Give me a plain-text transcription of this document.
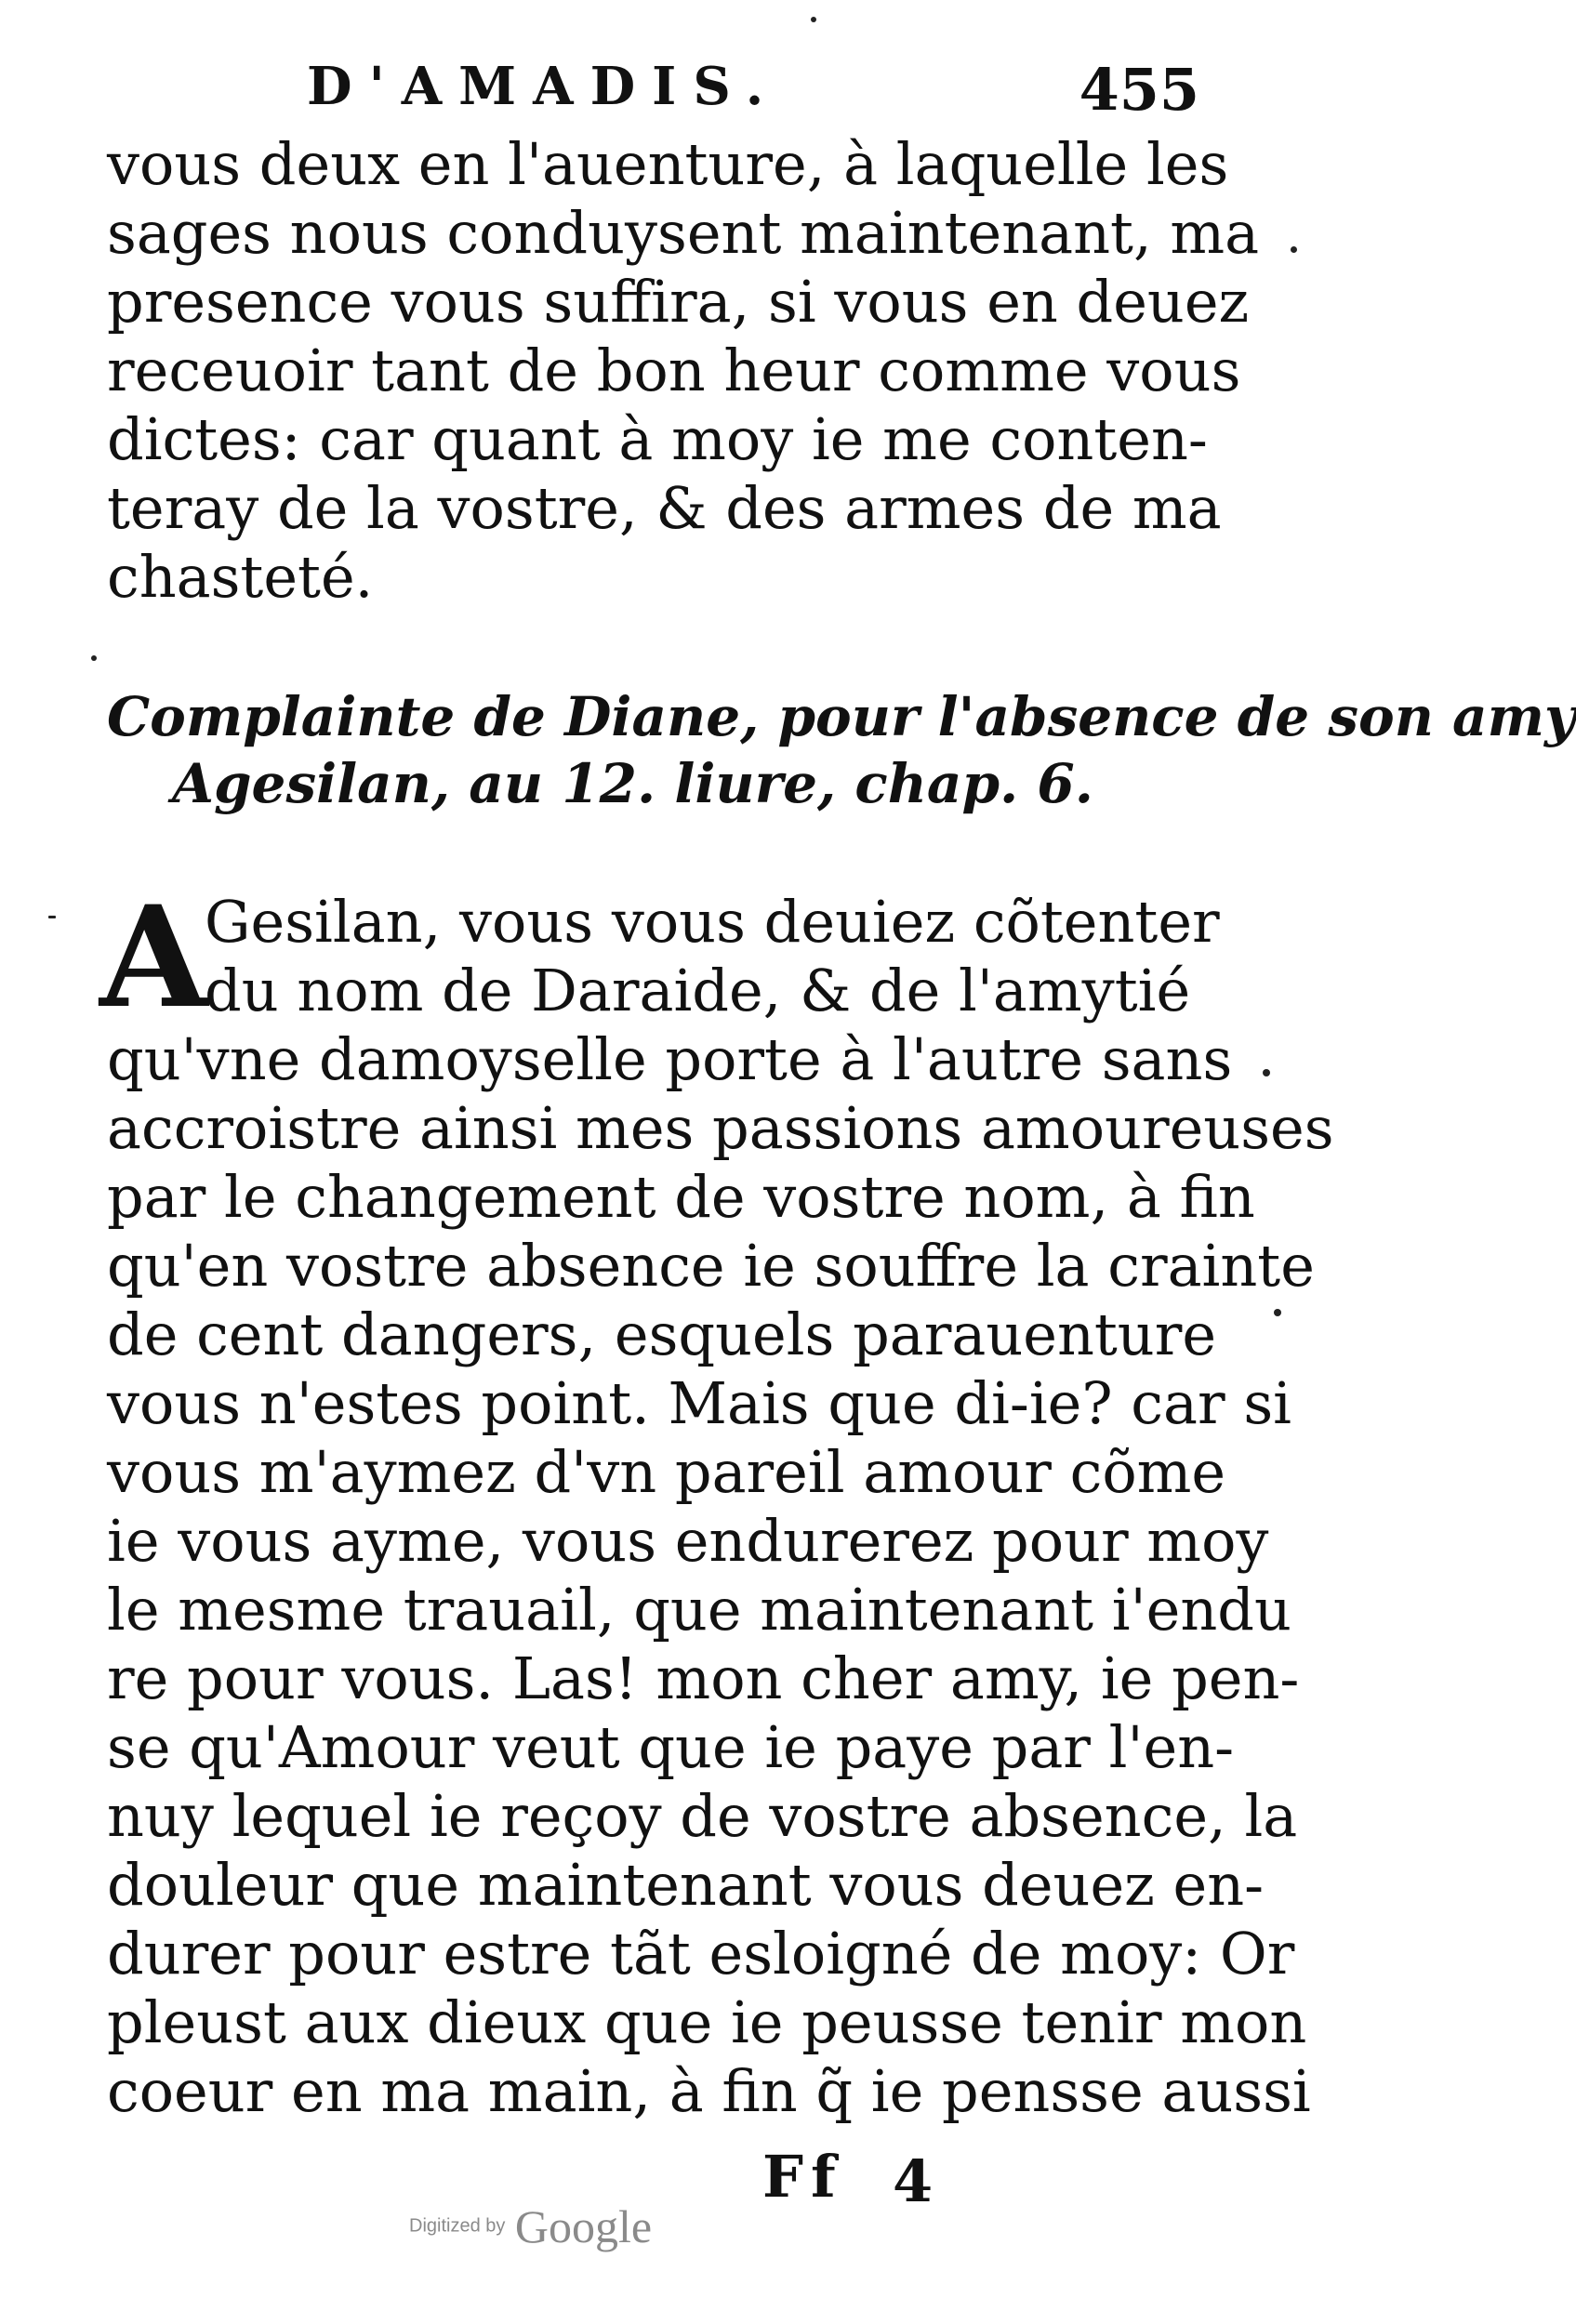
D'AMADIS.	455
vous deux en l'auenture, à laquelle les
sages nous conduysent maintenant, ma
presence vous suffira, si vous en deuez
receuoir tant de bon heur comme vous
dictes: car quant à moy ie me conten-
teray de la vostre, & des armes de ma
chasteté.
Complainte de Diane, pour l'absence de son amy
Agesilan, au 12. liure, chap. 6.
A
Gesilan, vous vous deuiez cõtenter
du nom de Daraide, & de l'amytié
qu'vne damoyselle porte à l'autre sans
accroistre ainsi mes passions amoureuses
par le changement de vostre nom, à fin
qu'en vostre absence ie souffre la crainte
de cent dangers, esquels parauenture
vous n'estes point. Mais que di-ie? car si
vous m'aymez d'vn pareil amour cõme
ie vous ayme, vous endurerez pour moy
le mesme trauail, que maintenant i'endu
re pour vous. Las! mon cher amy, ie pen-
se qu'Amour veut que ie paye par l'en-
nuy lequel ie reçoy de vostre absence, la
douleur que maintenant vous deuez en-
durer pour estre tãt esloigné de moy: Or
pleust aux dieux que ie peusse tenir mon
coeur en ma main, à fin q̃ ie pensse aussi
Ff 4
Digitized by Google
